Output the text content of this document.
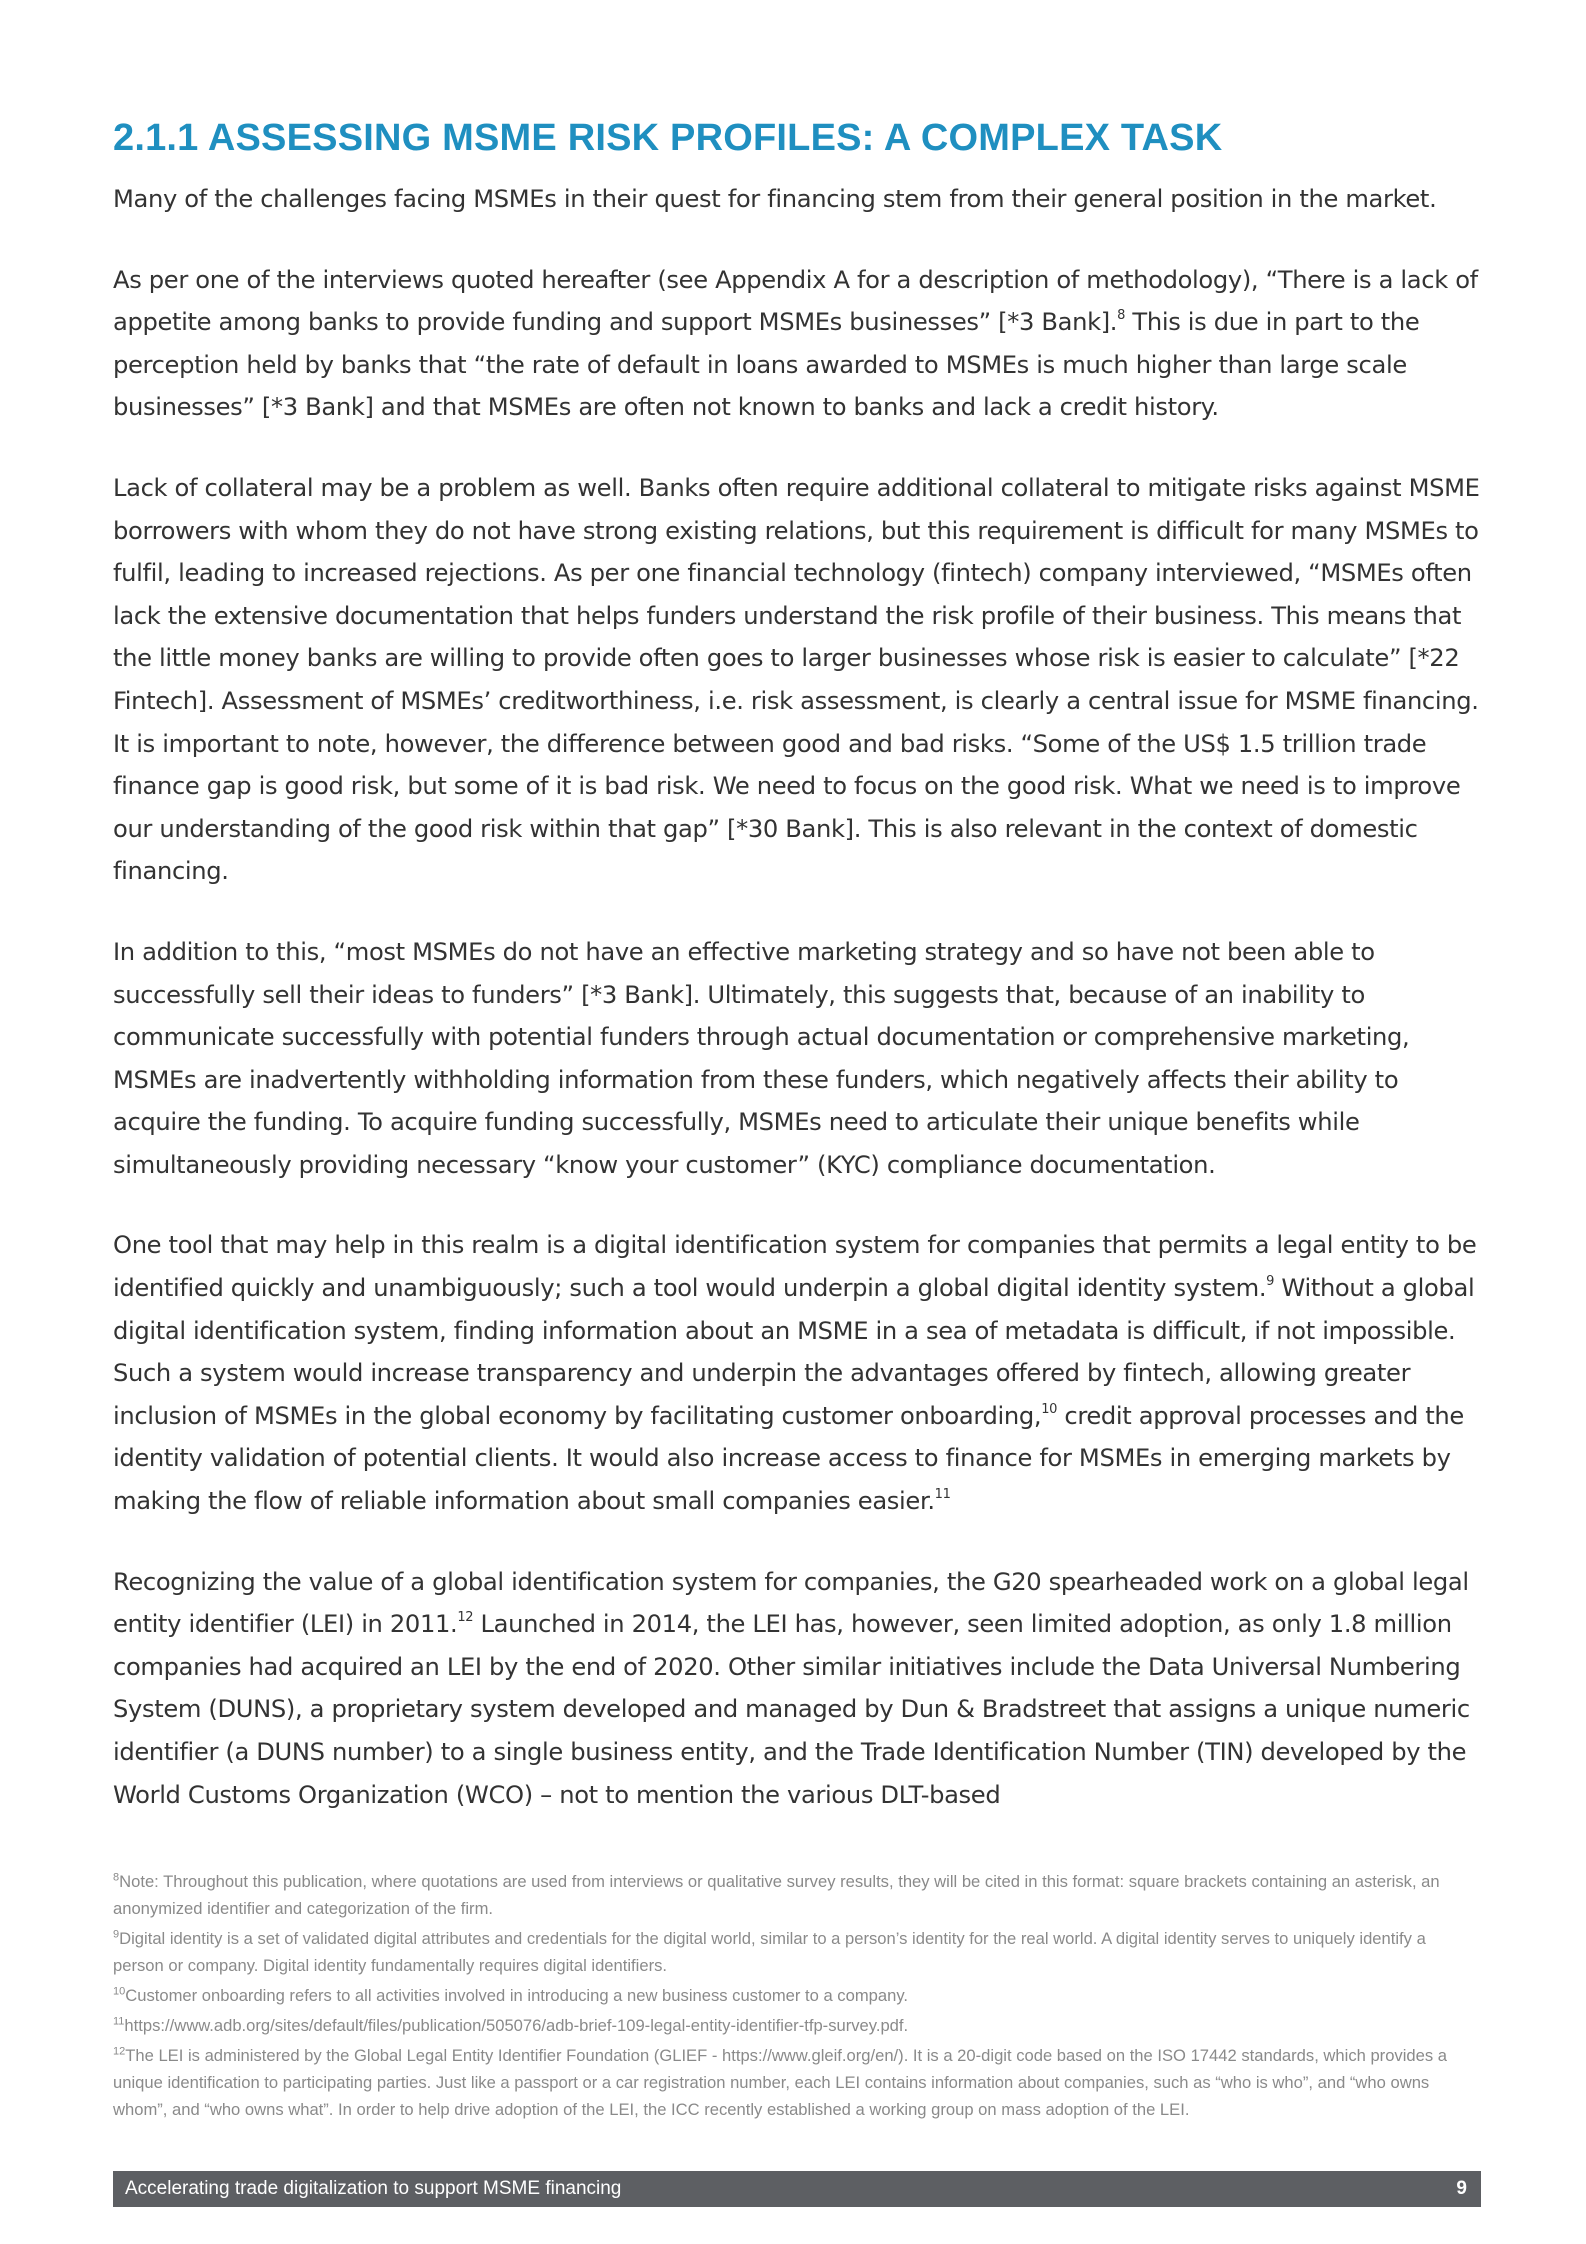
2.1.1 ASSESSING MSME RISK PROFILES: A COMPLEX TASK

Many of the challenges facing MSMEs in their quest for financing stem from their general position in the market.

As per one of the interviews quoted hereafter (see Appendix A for a description of methodology), “There is a lack of appetite among banks to provide funding and support MSMEs businesses” [*3 Bank].$^8$ This is due in part to the perception held by banks that “the rate of default in loans awarded to MSMEs is much higher than large scale businesses” [*3 Bank] and that MSMEs are often not known to banks and lack a credit history.

Lack of collateral may be a problem as well. Banks often require additional collateral to mitigate risks against MSME borrowers with whom they do not have strong existing relations, but this requirement is difficult for many MSMEs to fulfil, leading to increased rejections. As per one financial technology (fintech) company interviewed, “MSMEs often lack the extensive documentation that helps funders understand the risk profile of their business. This means that the little money banks are willing to provide often goes to larger businesses whose risk is easier to calculate” [*22 Fintech]. Assessment of MSMEs’ creditworthiness, i.e. risk assessment, is clearly a central issue for MSME financing. It is important to note, however, the difference between good and bad risks. “Some of the US$ 1.5 trillion trade finance gap is good risk, but some of it is bad risk. We need to focus on the good risk. What we need is to improve our understanding of the good risk within that gap” [*30 Bank]. This is also relevant in the context of domestic financing.

In addition to this, “most MSMEs do not have an effective marketing strategy and so have not been able to successfully sell their ideas to funders” [*3 Bank]. Ultimately, this suggests that, because of an inability to communicate successfully with potential funders through actual documentation or comprehensive marketing, MSMEs are inadvertently withholding information from these funders, which negatively affects their ability to acquire the funding. To acquire funding successfully, MSMEs need to articulate their unique benefits while simultaneously providing necessary “know your customer” (KYC) compliance documentation.

One tool that may help in this realm is a digital identification system for companies that permits a legal entity to be identified quickly and unambiguously; such a tool would underpin a global digital identity system.$^9$ Without a global digital identification system, finding information about an MSME in a sea of metadata is difficult, if not impossible. Such a system would increase transparency and underpin the advantages offered by fintech, allowing greater inclusion of MSMEs in the global economy by facilitating customer onboarding,$^{10}$ credit approval processes and the identity validation of potential clients. It would also increase access to finance for MSMEs in emerging markets by making the flow of reliable information about small companies easier.$^{11}$

Recognizing the value of a global identification system for companies, the G20 spearheaded work on a global legal entity identifier (LEI) in 2011.12 Launched in 2014, the LEI has, however, seen limited adoption, as only 1.8 million companies had acquired an LEI by the end of 2020. Other similar initiatives include the Data Universal Numbering System (DUNS), a proprietary system developed and managed by Dun & Bradstreet that assigns a unique numeric identifier (a DUNS number) to a single business entity, and the Trade Identification Number (TIN) developed by the World Customs Organization (WCO) – not to mention the various DLT-based

$^8$Note: Throughout this publication, where quotations are used from interviews or qualitative survey results, they will be cited in this format: square brackets containing an asterisk, an anonymized identifier and categorization of the firm.
$^9$Digital identity is a set of validated digital attributes and credentials for the digital world, similar to a person’s identity for the real world. A digital identity serves to uniquely identify a person or company. Digital identity fundamentally requires digital identifiers.
$^{10}$Customer onboarding refers to all activities involved in introducing a new business customer to a company.
$^{11}$https://www.adb.org/sites/default/files/publication/505076/adb-brief-109-legal-entity-identifier-tfp-survey.pdf.
$^{12}$The LEI is administered by the Global Legal Entity Identifier Foundation (GLIEF - https://www.gleif.org/en/). It is a 20-digit code based on the ISO 17442 standards, which provides a unique identification to participating parties. Just like a passport or a car registration number, each LEI contains information about companies, such as “who is who”, and “who owns whom”, and “who owns what”. In order to help drive adoption of the LEI, the ICC recently established a working group on mass adoption of the LEI.
Accelerating trade digitalization to support MSME financing	9
